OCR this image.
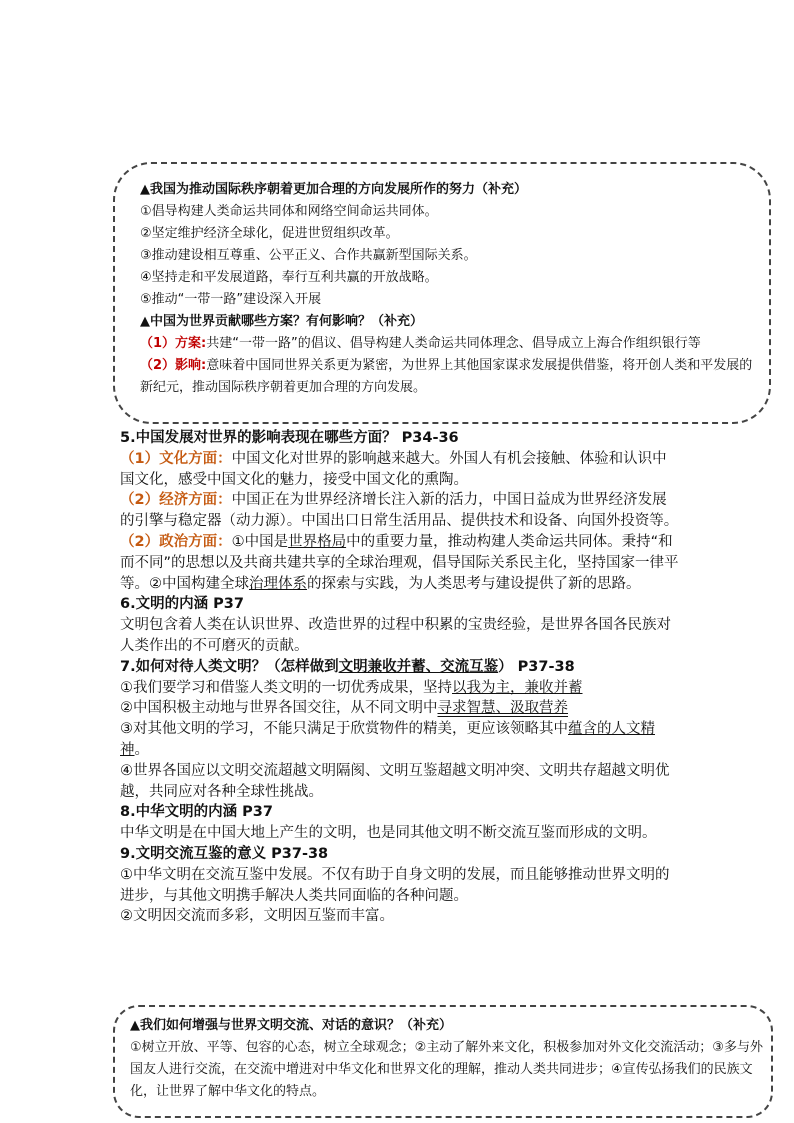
▲我国为推动国际秩序朝着更加合理的方向发展所作的努力（补充）
①倡导构建人类命运共同体和网络空间命运共同体。
②坚定维护经济全球化，促进世贸组织改革。
③推动建设相互尊重、公平正义、合作共赢新型国际关系。
④坚持走和平发展道路，奉行互利共赢的开放战略。
⑤推动“一带一路”建设深入开展
▲中国为世界贡献哪些方案？有何影响？（补充）
（1）方案:共建“一带一路”的倡议、倡导构建人类命运共同体理念、倡导成立上海合作组织银行等
（2）影响:意味着中国同世界关系更为紧密，为世界上其他国家谋求发展提供借鉴，将开创人类和平发展的新纪元，推动国际秩序朝着更加合理的方向发展。
5.中国发展对世界的影响表现在哪些方面？ P34-36
（1）文化方面：中国文化对世界的影响越来越大。外国人有机会接触、体验和认识中国文化，感受中国文化的魅力，接受中国文化的熏陶。
（2）经济方面：中国正在为世界经济增长注入新的活力，中国日益成为世界经济发展的引擎与稳定器（动力源）。中国出口日常生活用品、提供技术和设备、向国外投资等。
（2）政治方面：①中国是世界格局中的重要力量，推动构建人类命运共同体。秉持“和而不同”的思想以及共商共建共享的全球治理观，倡导国际关系民主化，坚持国家一律平等。②中国构建全球治理体系的探索与实践，为人类思考与建设提供了新的思路。
6.文明的内涵 P37
文明包含着人类在认识世界、改造世界的过程中积累的宝贵经验，是世界各国各民族对人类作出的不可磨灭的贡献。
7.如何对待人类文明？（怎样做到文明兼收并蓄、交流互鉴） P37-38
①我们要学习和借鉴人类文明的一切优秀成果，坚持以我为主，兼收并蓄
②中国积极主动地与世界各国交往，从不同文明中寻求智慧、汲取营养
③对其他文明的学习，不能只满足于欣赏物件的精美，更应该领略其中蕴含的人文精神。
④世界各国应以文明交流超越文明隔阂、文明互鉴超越文明冲突、文明共存超越文明优越，共同应对各种全球性挑战。
8.中华文明的内涵 P37
中华文明是在中国大地上产生的文明，也是同其他文明不断交流互鉴而形成的文明。
9.文明交流互鉴的意义 P37-38
①中华文明在交流互鉴中发展。不仅有助于自身文明的发展，而且能够推动世界文明的进步，与其他文明携手解决人类共同面临的各种问题。
②文明因交流而多彩，文明因互鉴而丰富。
▲我们如何增强与世界文明交流、对话的意识？（补充）
①树立开放、平等、包容的心态，树立全球观念；②主动了解外来文化，积极参加对外文化交流活动；③多与外国友人进行交流，在交流中增进对中华文化和世界文化的理解，推动人类共同进步；④宣传弘扬我们的民族文化，让世界了解中华文化的特点。
